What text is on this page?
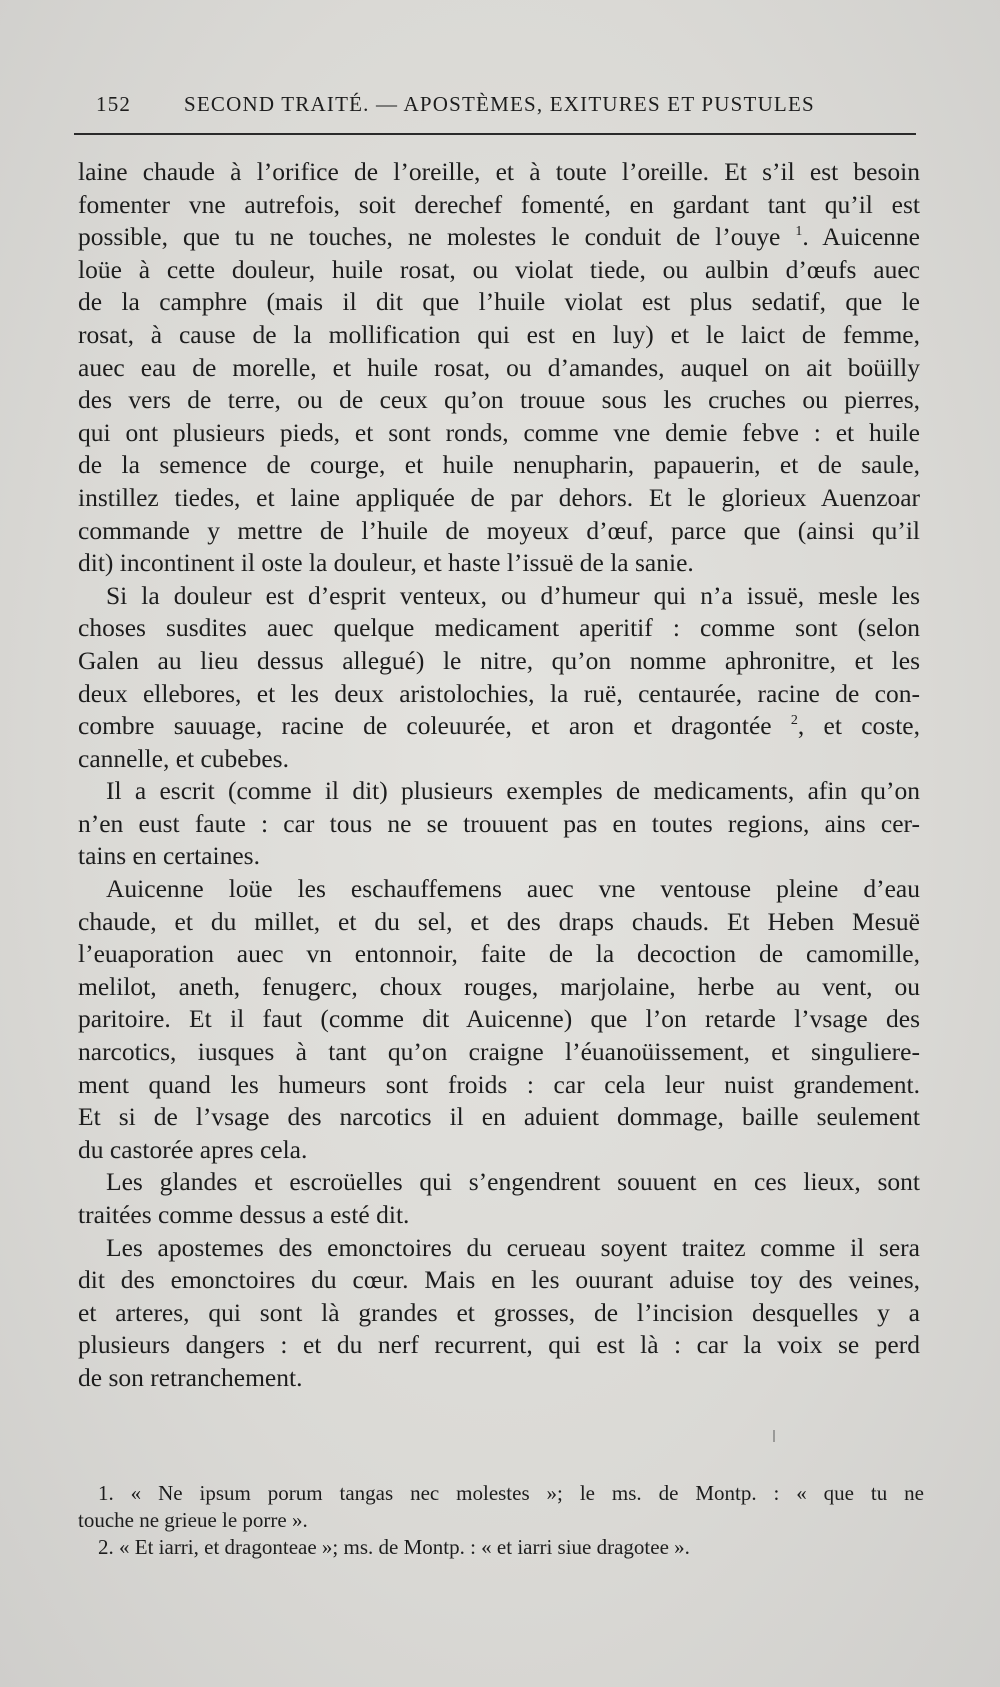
152	SECOND TRAITÉ. — APOSTÈMES, EXITURES ET PUSTULES
laine chaude à l’orifice de l’oreille, et à toute l’oreille. Et s’il est besoin
fomenter vne autrefois, soit derechef fomenté, en gardant tant qu’il est
possible, que tu ne touches, ne molestes le conduit de l’ouye $^1$. Auicenne
loüe à cette douleur, huile rosat, ou violat tiede, ou aulbin d’œufs auec
de la camphre (mais il dit que l’huile violat est plus sedatif, que le
rosat, à cause de la mollification qui est en luy) et le laict de femme,
auec eau de morelle, et huile rosat, ou d’amandes, auquel on ait boüilly
des vers de terre, ou de ceux qu’on trouue sous les cruches ou pierres,
qui ont plusieurs pieds, et sont ronds, comme vne demie febve : et huile
de la semence de courge, et huile nenupharin, papauerin, et de saule,
instillez tiedes, et laine appliquée de par dehors. Et le glorieux Auenzoar
commande y mettre de l’huile de moyeux d’œuf, parce que (ainsi qu’il
dit) incontinent il oste la douleur, et haste l’issuë de la sanie.
Si la douleur est d’esprit venteux, ou d’humeur qui n’a issuë, mesle les
choses susdites auec quelque medicament aperitif : comme sont (selon
Galen au lieu dessus allegué) le nitre, qu’on nomme aphronitre, et les
deux ellebores, et les deux aristolochies, la ruë, centaurée, racine de con-
combre sauuage, racine de coleuurée, et aron et dragontée $^2$, et coste,
cannelle, et cubebes.
Il a escrit (comme il dit) plusieurs exemples de medicaments, afin qu’on
n’en eust faute : car tous ne se trouuent pas en toutes regions, ains cer-
tains en certaines.
Auicenne loüe les eschauffemens auec vne ventouse pleine d’eau
chaude, et du millet, et du sel, et des draps chauds. Et Heben Mesuë
l’euaporation auec vn entonnoir, faite de la decoction de camomille,
melilot, aneth, fenugerc, choux rouges, marjolaine, herbe au vent, ou
paritoire. Et il faut (comme dit Auicenne) que l’on retarde l’vsage des
narcotics, iusques à tant qu’on craigne l’éuanoüissement, et singuliere-
ment quand les humeurs sont froids : car cela leur nuist grandement.
Et si de l’vsage des narcotics il en aduient dommage, baille seulement
du castorée apres cela.
Les glandes et escroüelles qui s’engendrent souuent en ces lieux, sont
traitées comme dessus a esté dit.
Les apostemes des emonctoires du cerueau soyent traitez comme il sera
dit des emonctoires du cœur. Mais en les ouurant aduise toy des veines,
et arteres, qui sont là grandes et grosses, de l’incision desquelles y a
plusieurs dangers : et du nerf recurrent, qui est là : car la voix se perd
de son retranchement.
1. « Ne ipsum porum tangas nec molestes »; le ms. de Montp. : « que tu ne
touche ne grieue le porre ».
2. « Et iarri, et dragonteae »; ms. de Montp. : « et iarri siue dragotee ».
